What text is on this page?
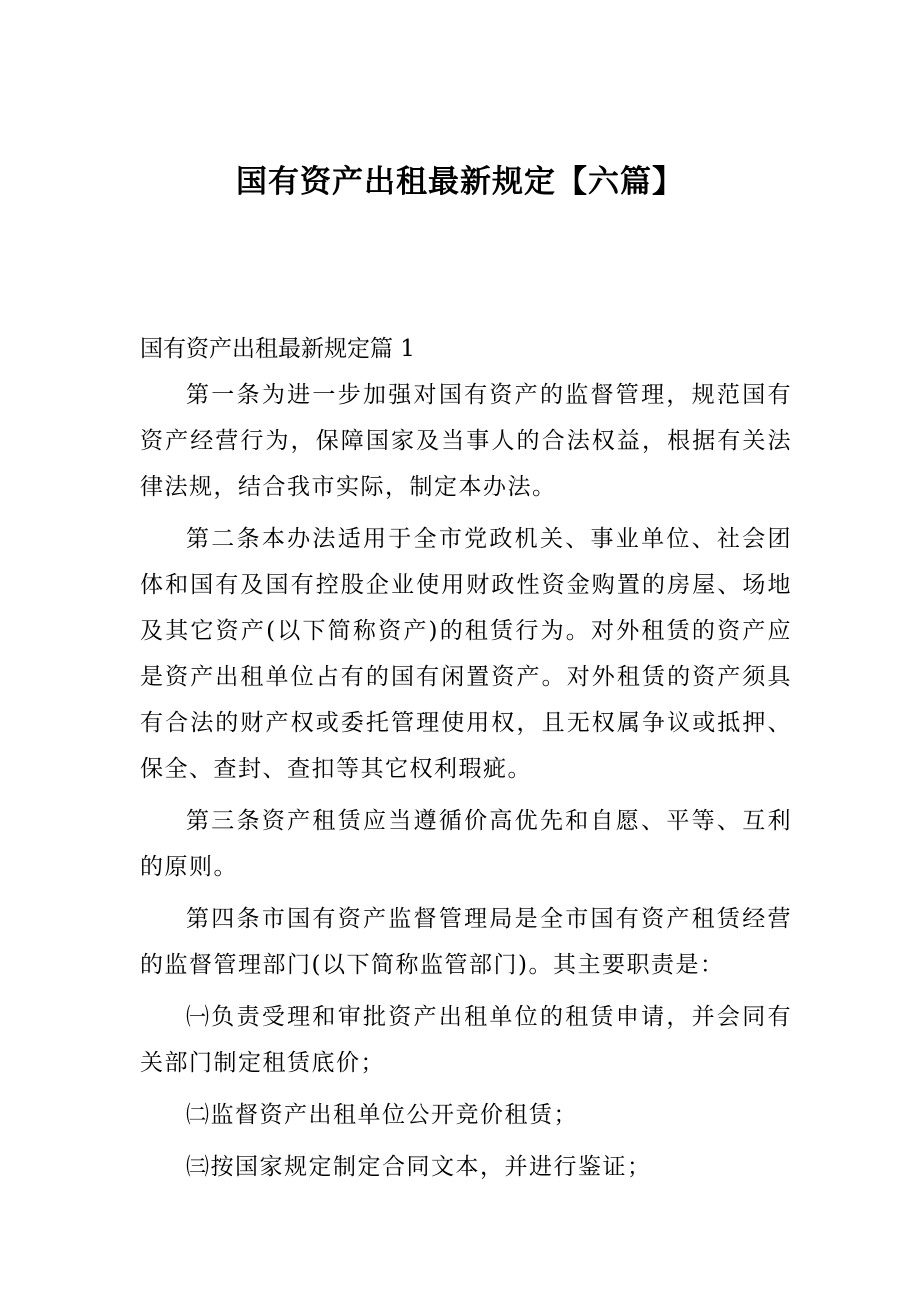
国有资产出租最新规定【六篇】

国有资产出租最新规定篇 1

第一条为进一步加强对国有资产的监督管理，规范国有资产经营行为，保障国家及当事人的合法权益，根据有关法律法规，结合我市实际，制定本办法。

第二条本办法适用于全市党政机关、事业单位、社会团体和国有及国有控股企业使用财政性资金购置的房屋、场地及其它资产(以下简称资产)的租赁行为。对外租赁的资产应是资产出租单位占有的国有闲置资产。对外租赁的资产须具有合法的财产权或委托管理使用权，且无权属争议或抵押、保全、查封、查扣等其它权利瑕疵。

第三条资产租赁应当遵循价高优先和自愿、平等、互利的原则。

第四条市国有资产监督管理局是全市国有资产租赁经营的监督管理部门(以下简称监管部门)。其主要职责是：

㈠负责受理和审批资产出租单位的租赁申请，并会同有关部门制定租赁底价；

㈡监督资产出租单位公开竞价租赁；

㈢按国家规定制定合同文本，并进行鉴证；
